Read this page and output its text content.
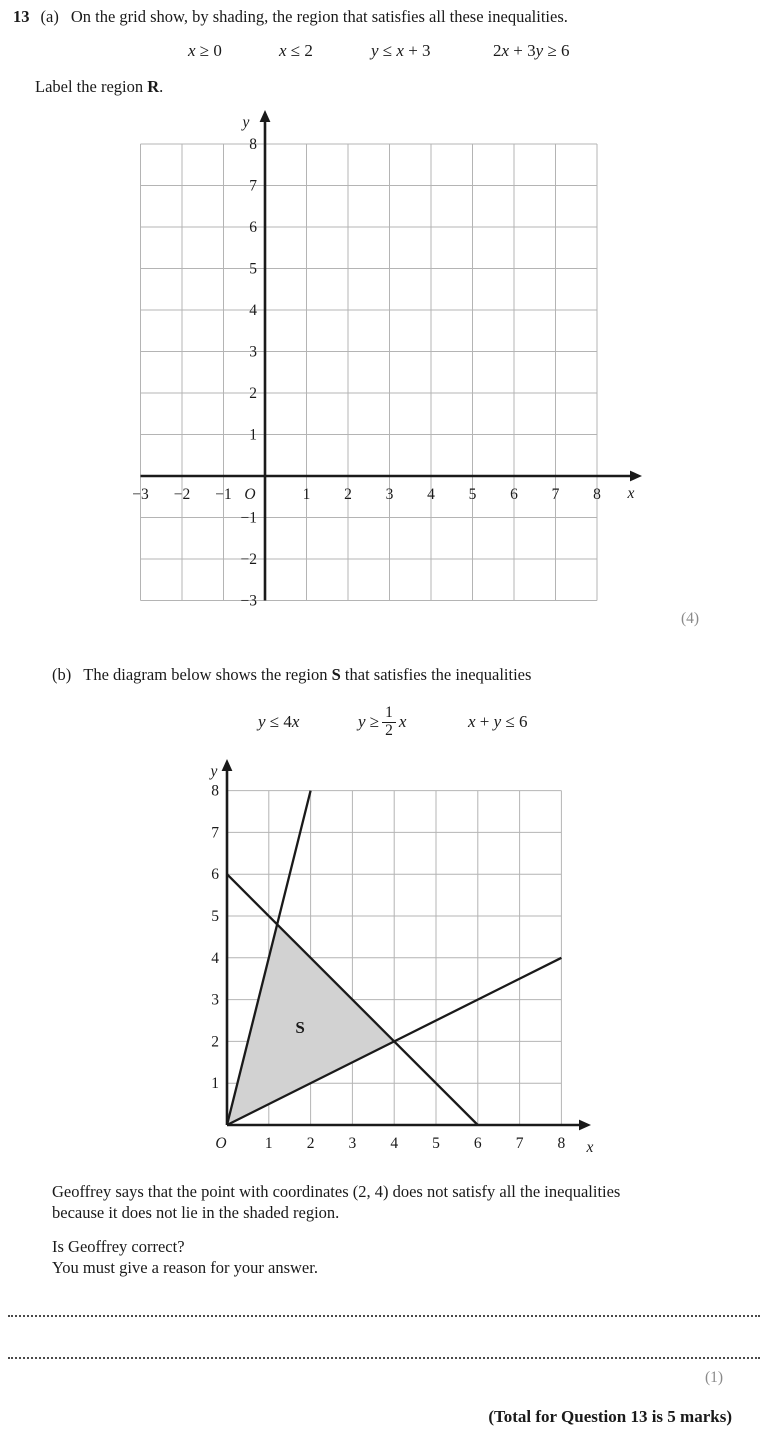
13 (a) On the grid show, by shading, the region that satisfies all these inequalities.
x ≥ 0	x ≤ 2	y ≤ x + 3	2x + 3y ≥ 6
Label the region R.
−3 −2 −1	1 2 3 4 5 6 7 8
8
7
6
5
4
3
2
1
−1
−2
−3
O	x
y
(4)
(b) The diagram below shows the region S that satisfies the inequalities
y ≤ 4x	$y \ge \frac{1}{2}$ x	x + y ≤ 6
1 2 3 4 5 6 7 8
1
2
3
4
5
6
7
8
O	x
y
S
Geoffrey says that the point with coordinates (2, 4) does not satisfy all the inequalities
because it does not lie in the shaded region.
Is Geoffrey correct?
You must give a reason for your answer.
(1)
(Total for Question 13 is 5 marks)
